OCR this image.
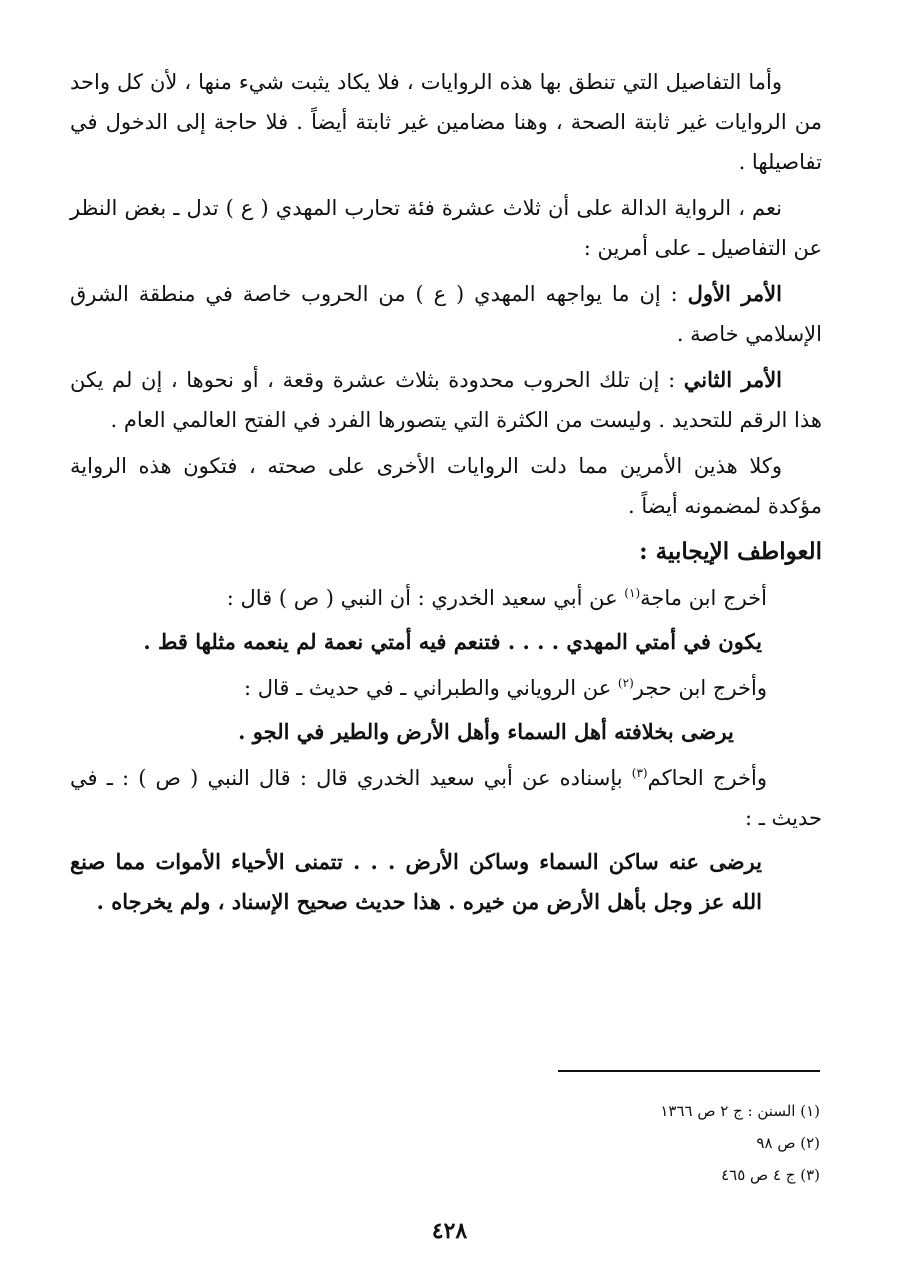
وأما التفاصيل التي تنطق بها هذه الروايات ، فلا يكاد يثبت شيء منها ، لأن كل واحد من الروايات غير ثابتة الصحة ، وهنا مضامين غير ثابتة أيضاً . فلا حاجة إلى الدخول في تفاصيلها .

نعم ، الرواية الدالة على أن ثلاث عشرة فئة تحارب المهدي ( ع ) تدل ـ بغض النظر عن التفاصيل ـ على أمرين :

الأمر الأول : إن ما يواجهه المهدي ( ع ) من الحروب خاصة في منطقة الشرق الإسلامي خاصة .

الأمر الثاني : إن تلك الحروب محدودة بثلاث عشرة وقعة ، أو نحوها ، إن لم يكن هذا الرقم للتحديد . وليست من الكثرة التي يتصورها الفرد في الفتح العالمي العام .

وكلا هذين الأمرين مما دلت الروايات الأخرى على صحته ، فتكون هذه الرواية مؤكدة لمضمونه أيضاً .

العواطف الإيجابية :

أخرج ابن ماجة$^{(١)}$ عن أبي سعيد الخدري : أن النبي ( ص ) قال :

يكون في أمتي المهدي . . . . فتنعم فيه أمتي نعمة لم ينعمه مثلها قط .

وأخرج ابن حجر$^{(٢)}$ عن الروياني والطبراني ـ في حديث ـ قال :

يرضى بخلافته أهل السماء وأهل الأرض والطير في الجو .

وأخرج الحاكم$^{(٣)}$ بإسناده عن أبي سعيد الخدري قال : قال النبي ( ص ) : ـ في حديث ـ :

يرضى عنه ساكن السماء وساكن الأرض . . . تتمنى الأحياء الأموات مما صنع الله عز وجل بأهل الأرض من خيره . هذا حديث صحيح الإسناد ، ولم يخرجاه .

(١) السنن : ج ٢ ص ١٣٦٦

(٢) ص ٩٨

(٣) ج ٤ ص ٤٦٥

٤٢٨
